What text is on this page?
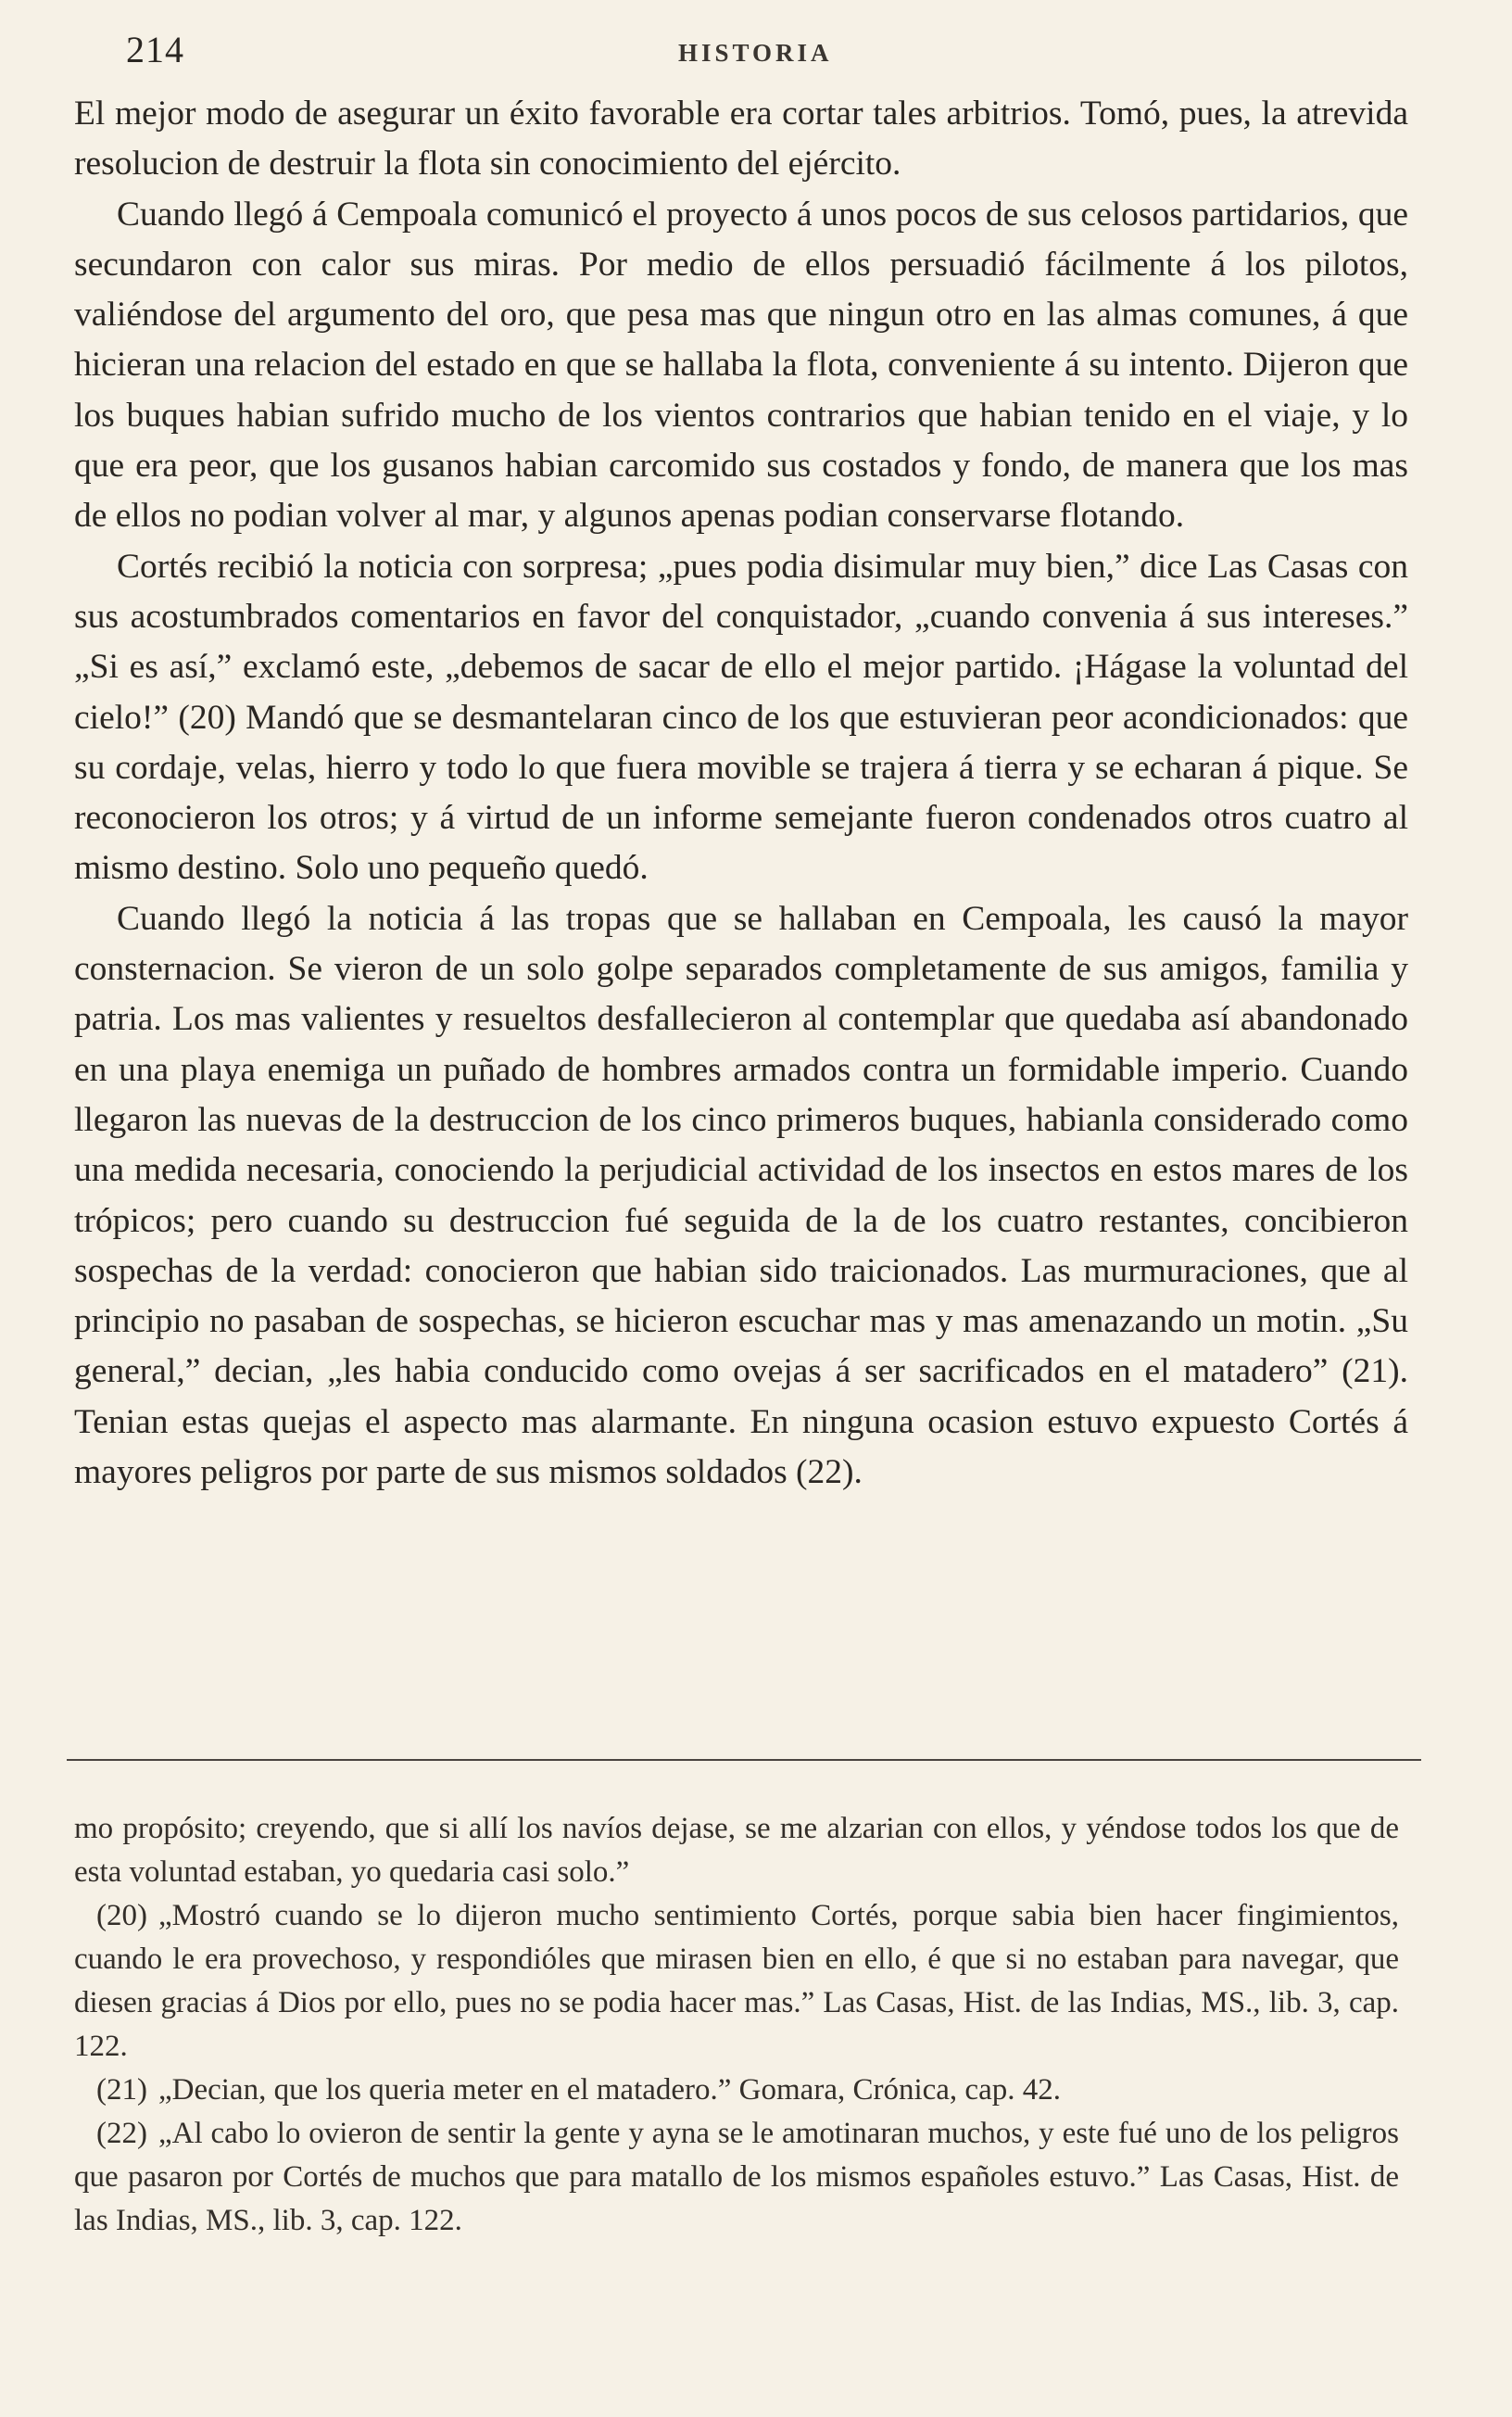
214	HISTORIA

El mejor modo de asegurar un éxito favorable era cortar tales arbitrios. Tomó, pues, la atrevida resolucion de destruir la flota sin conocimiento del ejército.

Cuando llegó á Cempoala comunicó el proyecto á unos pocos de sus celosos partidarios, que secundaron con calor sus miras. Por medio de ellos persuadió fácilmente á los pilotos, valiéndose del argumento del oro, que pesa mas que ningun otro en las almas comunes, á que hicieran una relacion del estado en que se hallaba la flota, conveniente á su intento. Dijeron que los buques habian sufrido mucho de los vientos contrarios que habian tenido en el viaje, y lo que era peor, que los gusanos habian carcomido sus costados y fondo, de manera que los mas de ellos no podian volver al mar, y algunos apenas podian conservarse flotando.

Cortés recibió la noticia con sorpresa; „pues podia disimular muy bien,” dice Las Casas con sus acostumbrados comentarios en favor del conquistador, „cuando convenia á sus intereses.” „Si es así,” exclamó este, „debemos de sacar de ello el mejor partido. ¡Hágase la voluntad del cielo!” (20) Mandó que se desmantelaran cinco de los que estuvieran peor acondicionados: que su cordaje, velas, hierro y todo lo que fuera movible se trajera á tierra y se echaran á pique. Se reconocieron los otros; y á virtud de un informe semejante fueron condenados otros cuatro al mismo destino. Solo uno pequeño quedó.

Cuando llegó la noticia á las tropas que se hallaban en Cempoala, les causó la mayor consternacion. Se vieron de un solo golpe separados completamente de sus amigos, familia y patria. Los mas valientes y resueltos desfallecieron al contemplar que quedaba así abandonado en una playa enemiga un puñado de hombres armados contra un formidable imperio. Cuando llegaron las nuevas de la destruccion de los cinco primeros buques, habianla considerado como una medida necesaria, conociendo la perjudicial actividad de los insectos en estos mares de los trópicos; pero cuando su destruccion fué seguida de la de los cuatro restantes, concibieron sospechas de la verdad: conocieron que habian sido traicionados. Las murmuraciones, que al principio no pasaban de sospechas, se hicieron escuchar mas y mas amenazando un motin. „Su general,” decian, „les habia conducido como ovejas á ser sacrificados en el matadero” (21). Tenian estas quejas el aspecto mas alarmante. En ninguna ocasion estuvo expuesto Cortés á mayores peligros por parte de sus mismos soldados (22).

mo propósito; creyendo, que si allí los navíos dejase, se me alzarian con ellos, y yéndose todos los que de esta voluntad estaban, yo quedaria casi solo.”

(20) „Mostró cuando se lo dijeron mucho sentimiento Cortés, porque sabia bien hacer fingimientos, cuando le era provechoso, y respondióles que mirasen bien en ello, é que si no estaban para navegar, que diesen gracias á Dios por ello, pues no se podia hacer mas.” Las Casas, Hist. de las Indias, MS., lib. 3, cap. 122.

(21) „Decian, que los queria meter en el matadero.” Gomara, Crónica, cap. 42.

(22) „Al cabo lo ovieron de sentir la gente y ayna se le amotinaran muchos, y este fué uno de los peligros que pasaron por Cortés de muchos que para matallo de los mismos españoles estuvo.” Las Casas, Hist. de las Indias, MS., lib. 3, cap. 122.
